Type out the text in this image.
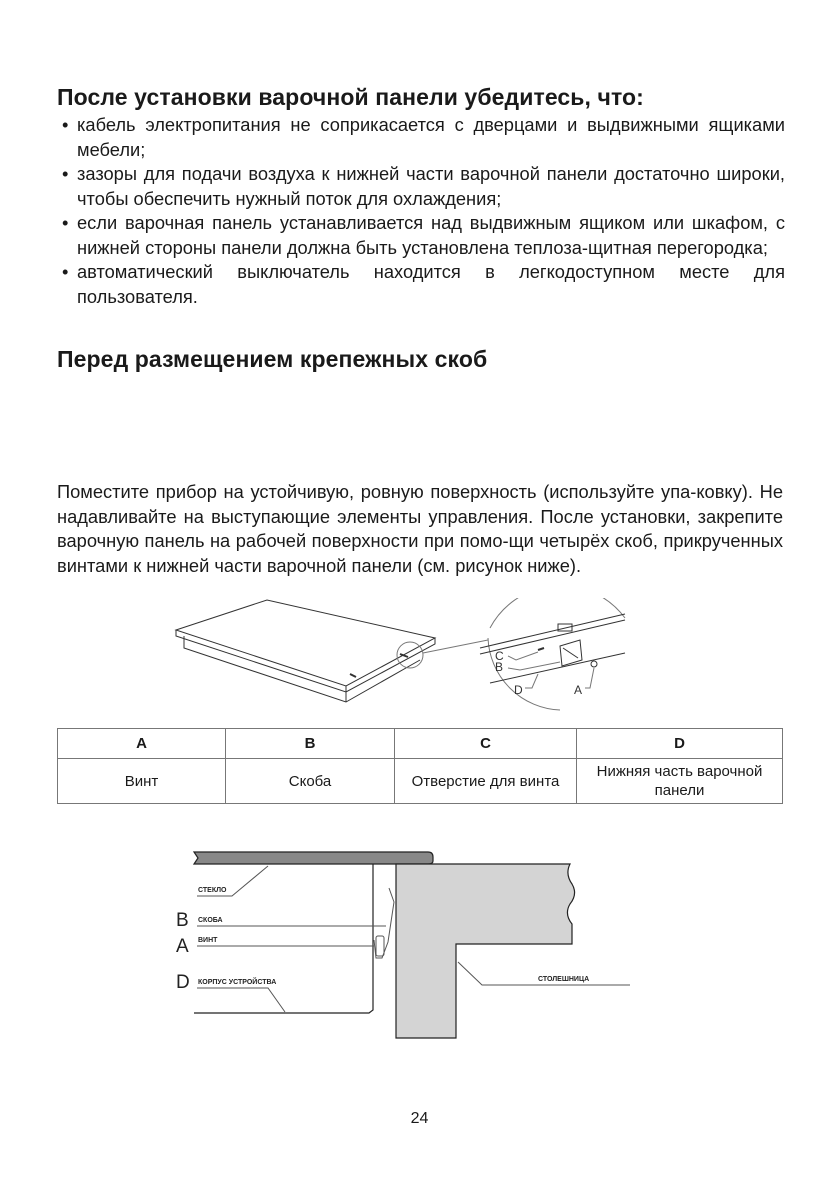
После установки варочной панели убедитесь, что:
• кабель электропитания не соприкасается с дверцами и выдвижными ящиками мебели;
• зазоры для подачи воздуха к нижней части варочной панели достаточно широки, чтобы обеспечить нужный поток для охлаждения;
• если варочная панель устанавливается над выдвижным ящиком или шкафом, с нижней стороны панели должна быть установлена теплоза-щитная перегородка;
• автоматический выключатель находится в легкодоступном месте для пользователя.
Перед размещением крепежных скоб
Поместите прибор на устойчивую, ровную поверхность (используйте упа-ковку). Не надавливайте на выступающие элементы управления. После установки, закрепите варочную панель на рабочей поверхности при помо-щи четырёх скоб, прикрученных винтами к нижней части варочной панели (см. рисунок ниже).
C
B
D	A
A	B	C	D
Винт	Скоба	Отверстие для винта	Нижняя часть варочной панели
СТЕКЛО
СКОБА
ВИНТ
КОРПУС УСТРОЙСТВА	СТОЛЕШНИЦА
B
A
D
24
